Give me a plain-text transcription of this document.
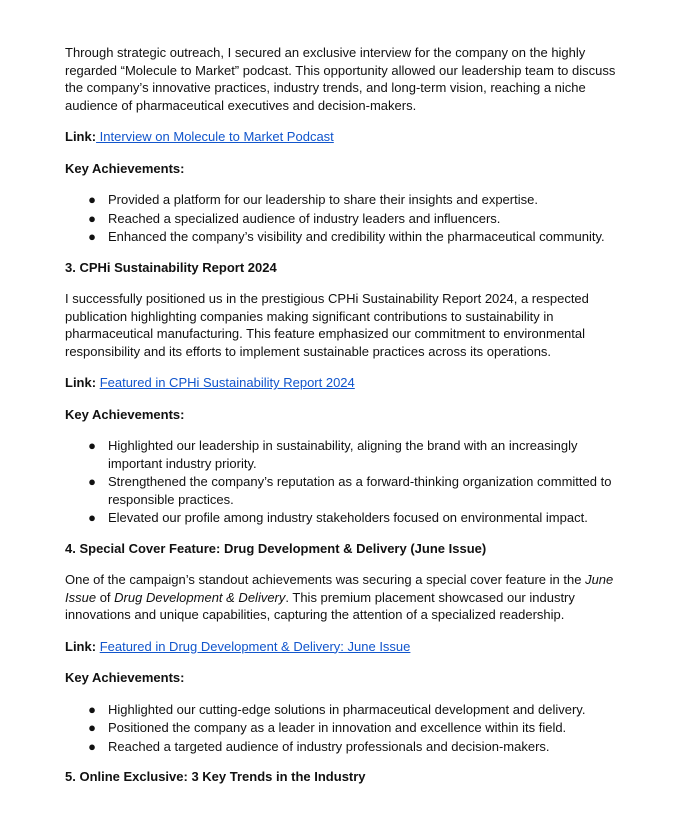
Through strategic outreach, I secured an exclusive interview for the company on the highly regarded “Molecule to Market” podcast. This opportunity allowed our leadership team to discuss the company’s innovative practices, industry trends, and long-term vision, reaching a niche audience of pharmaceutical executives and decision-makers.

Link: Interview on Molecule to Market Podcast

Key Achievements:

● Provided a platform for our leadership to share their insights and expertise.
● Reached a specialized audience of industry leaders and influencers.
● Enhanced the company’s visibility and credibility within the pharmaceutical community.

3. CPHi Sustainability Report 2024

I successfully positioned us in the prestigious CPHi Sustainability Report 2024, a respected publication highlighting companies making significant contributions to sustainability in pharmaceutical manufacturing. This feature emphasized our commitment to environmental responsibility and its efforts to implement sustainable practices across its operations.

Link: Featured in CPHi Sustainability Report 2024

Key Achievements:

● Highlighted our leadership in sustainability, aligning the brand with an increasingly important industry priority.
● Strengthened the company’s reputation as a forward-thinking organization committed to responsible practices.
● Elevated our profile among industry stakeholders focused on environmental impact.

4. Special Cover Feature: Drug Development & Delivery (June Issue)

One of the campaign’s standout achievements was securing a special cover feature in the June Issue of Drug Development & Delivery. This premium placement showcased our industry innovations and unique capabilities, capturing the attention of a specialized readership.

Link: Featured in Drug Development & Delivery: June Issue

Key Achievements:

● Highlighted our cutting-edge solutions in pharmaceutical development and delivery.
● Positioned the company as a leader in innovation and excellence within its field.
● Reached a targeted audience of industry professionals and decision-makers.

5. Online Exclusive: 3 Key Trends in the Industry
